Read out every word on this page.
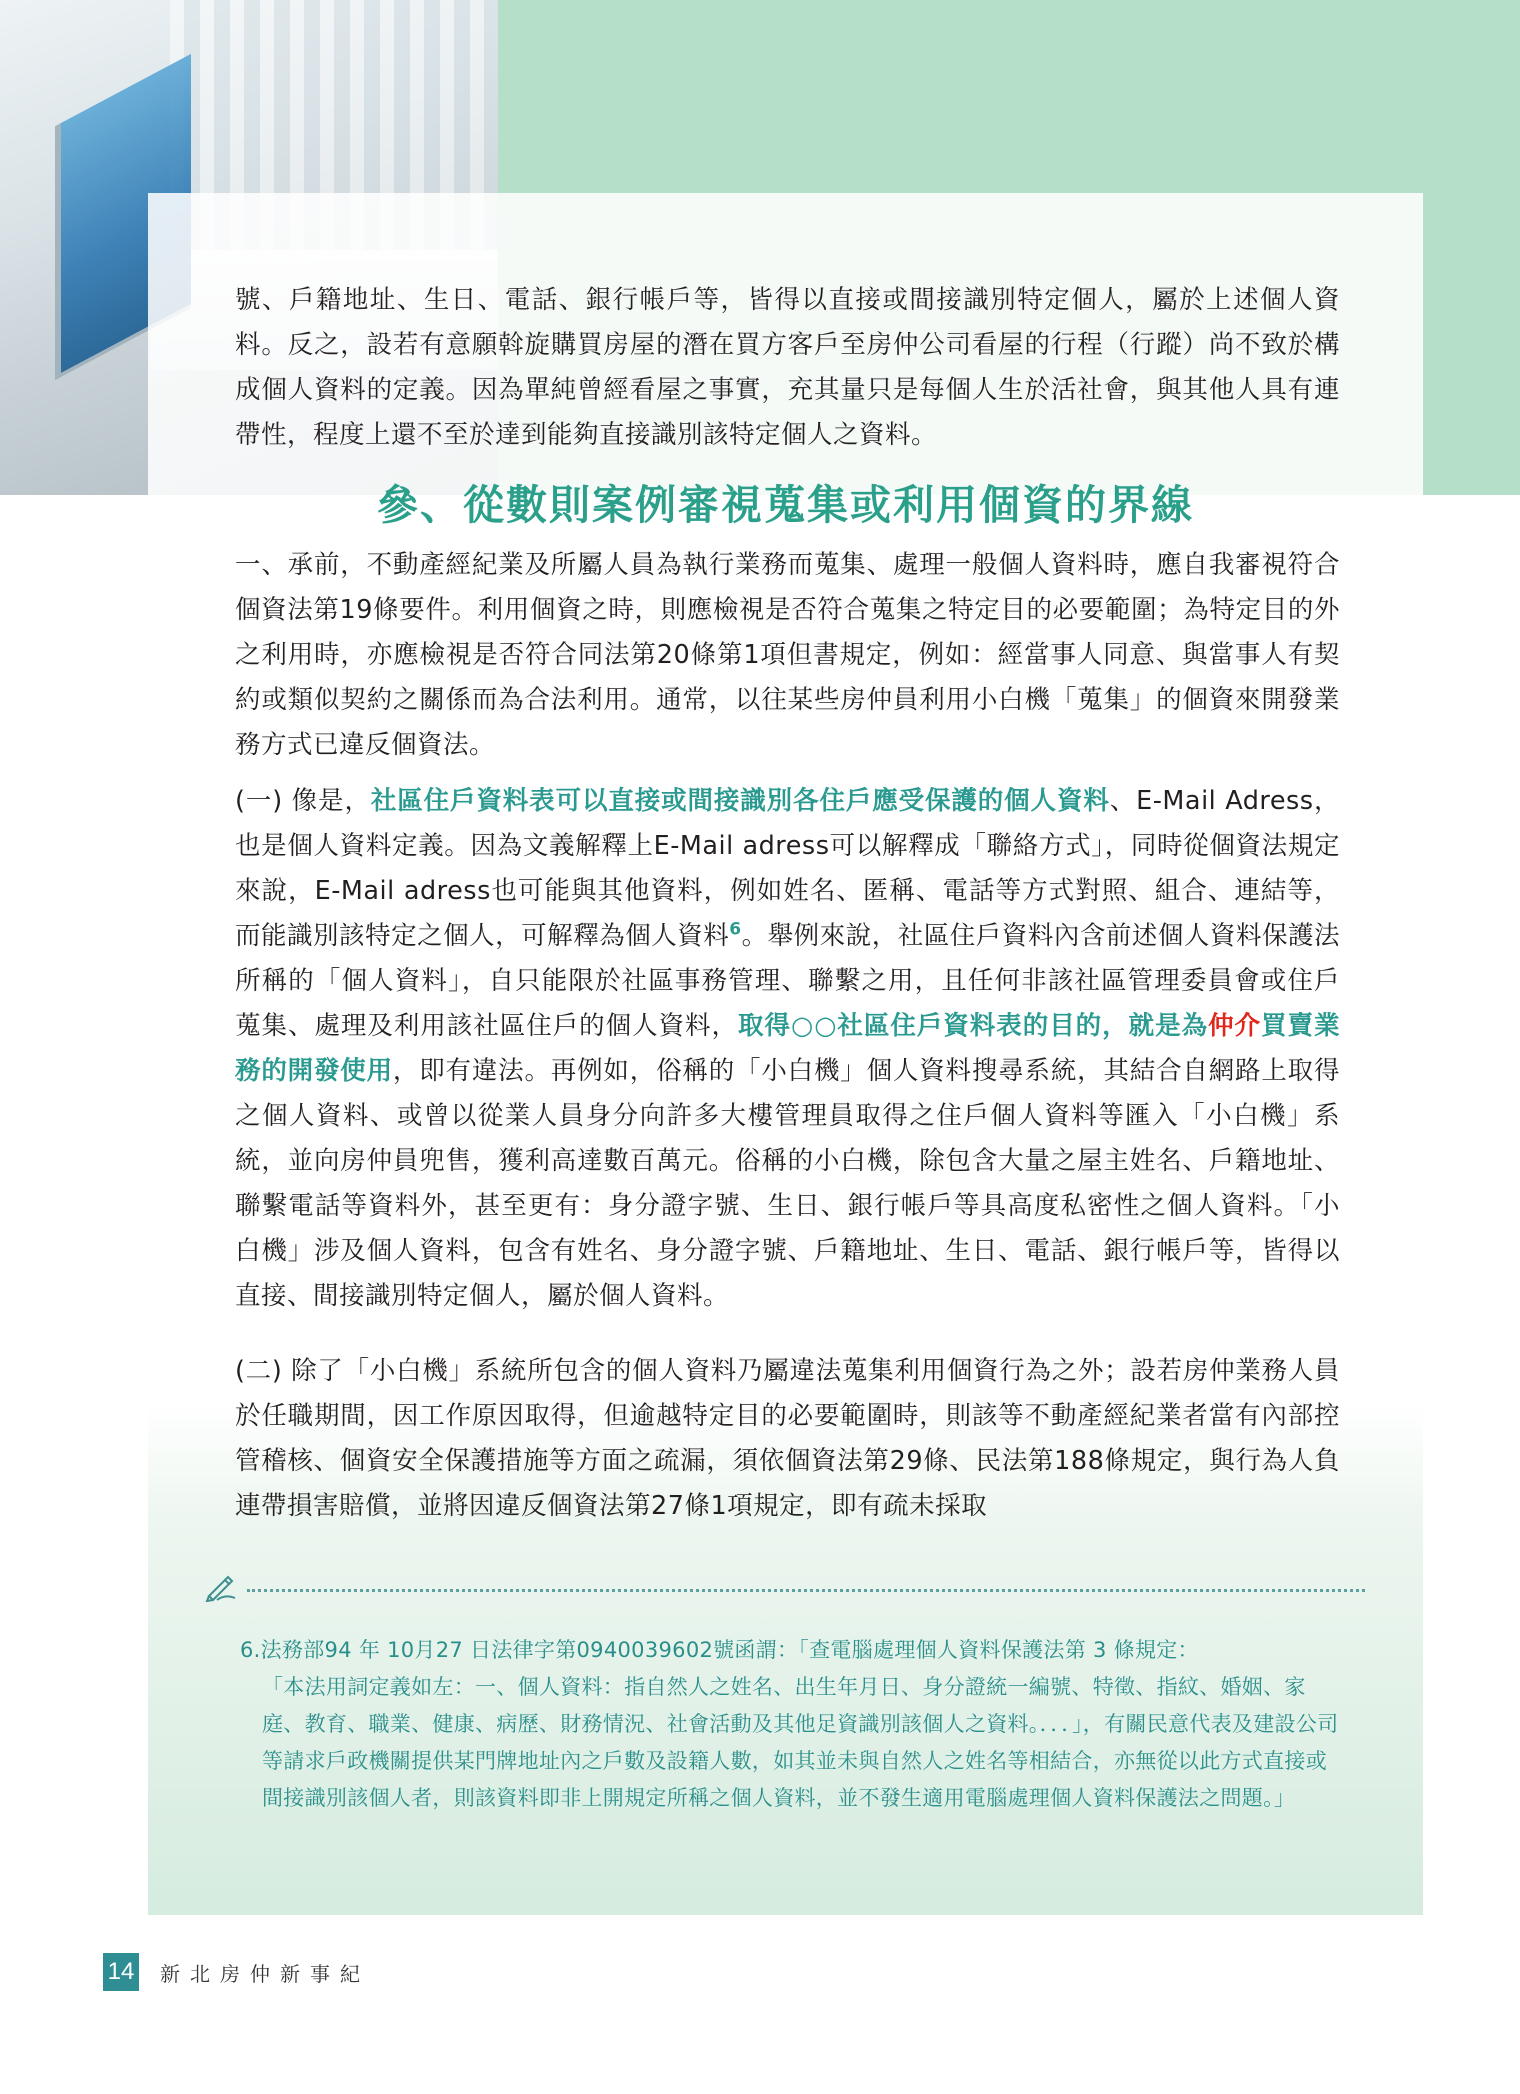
號、戶籍地址、生日、電話、銀行帳戶等，皆得以直接或間接識別特定個人，屬於上述個人資料。反之，設若有意願斡旋購買房屋的潛在買方客戶至房仲公司看屋的行程（行蹤）尚不致於構成個人資料的定義。因為單純曾經看屋之事實，充其量只是每個人生於活社會，與其他人具有連帶性，程度上還不至於達到能夠直接識別該特定個人之資料。

參、從數則案例審視蒐集或利用個資的界線

一、承前，不動產經紀業及所屬人員為執行業務而蒐集、處理一般個人資料時，應自我審視符合個資法第19條要件。利用個資之時，則應檢視是否符合蒐集之特定目的必要範圍；為特定目的外之利用時，亦應檢視是否符合同法第20條第1項但書規定，例如：經當事人同意、與當事人有契約或類似契約之關係而為合法利用。通常，以往某些房仲員利用小白機「蒐集」的個資來開發業務方式已違反個資法。

(一) 像是，社區住戶資料表可以直接或間接識別各住戶應受保護的個人資料、E-Mail Adress，也是個人資料定義。因為文義解釋上E-Mail adress可以解釋成「聯絡方式」，同時從個資法規定來說，E-Mail adress也可能與其他資料，例如姓名、匿稱、電話等方式對照、組合、連結等，而能識別該特定之個人，可解釋為個人資料$^6$。舉例來說，社區住戶資料內含前述個人資料保護法所稱的「個人資料」，自只能限於社區事務管理、聯繫之用，且任何非該社區管理委員會或住戶蒐集、處理及利用該社區住戶的個人資料，取得○○社區住戶資料表的目的，就是為仲介買賣業務的開發使用，即有違法。再例如，俗稱的「小白機」個人資料搜尋系統，其結合自網路上取得之個人資料、或曾以從業人員身分向許多大樓管理員取得之住戶個人資料等匯入「小白機」系統，並向房仲員兜售，獲利高達數百萬元。俗稱的小白機，除包含大量之屋主姓名、戶籍地址、聯繫電話等資料外，甚至更有：身分證字號、生日、銀行帳戶等具高度私密性之個人資料。「小白機」涉及個人資料，包含有姓名、身分證字號、戶籍地址、生日、電話、銀行帳戶等，皆得以直接、間接識別特定個人，屬於個人資料。

(二) 除了「小白機」系統所包含的個人資料乃屬違法蒐集利用個資行為之外；設若房仲業務人員於任職期間，因工作原因取得，但逾越特定目的必要範圍時，則該等不動產經紀業者當有內部控管稽核、個資安全保護措施等方面之疏漏，須依個資法第29條、民法第188條規定，與行為人負連帶損害賠償，並將因違反個資法第27條1項規定，即有疏未採取

6.法務部94 年 10月27 日法律字第0940039602號函謂：「查電腦處理個人資料保護法第 3 條規定：
「本法用詞定義如左：一、個人資料：指自然人之姓名、出生年月日、身分證統一編號、特徵、指紋、婚姻、家庭、教育、職業、健康、病歷、財務情況、社會活動及其他足資識別該個人之資料。．．．」，有關民意代表及建設公司等請求戶政機關提供某門牌地址內之戶數及設籍人數，如其並未與自然人之姓名等相結合，亦無從以此方式直接或間接識別該個人者，則該資料即非上開規定所稱之個人資料，並不發生適用電腦處理個人資料保護法之問題。」

14 新北房仲新事紀
